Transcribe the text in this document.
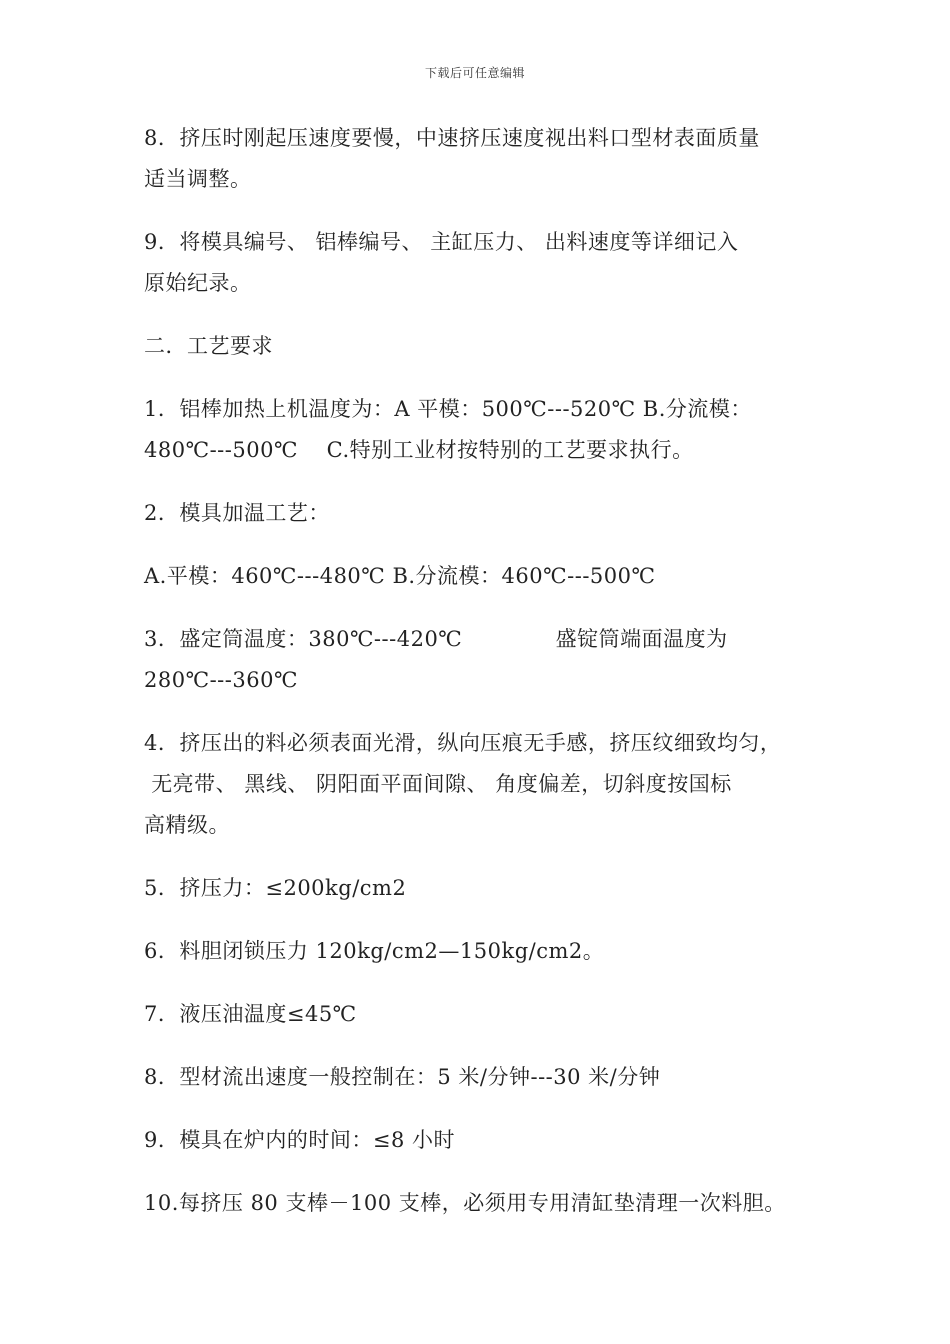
下载后可任意编辑
8．挤压时刚起压速度要慢，中速挤压速度视出料口型材表面质量
适当调整。
9．将模具编号、 铝棒编号、 主缸压力、 出料速度等详细记入
原始纪录。
二．工艺要求
1．铝棒加热上机温度为：A 平模：500℃---520℃ B.分流模：
480℃---500℃    C.特别工业材按特别的工艺要求执行。
2．模具加温工艺：
A.平模：460℃---480℃ B.分流模：460℃---500℃
3．盛定筒温度：380℃---420℃             盛锭筒端面温度为
280℃---360℃
4．挤压出的料必须表面光滑，纵向压痕无手感，挤压纹细致均匀，
无亮带、 黑线、 阴阳面平面间隙、 角度偏差，切斜度按国标
高精级。
5．挤压力：≤200kg/cm2
6．料胆闭锁压力 120kg/cm2—150kg/cm2。
7．液压油温度≤45℃
8．型材流出速度一般控制在：5 米/分钟---30 米/分钟
9．模具在炉内的时间：≤8 小时
10.每挤压 80 支棒－100 支棒，必须用专用清缸垫清理一次料胆。
